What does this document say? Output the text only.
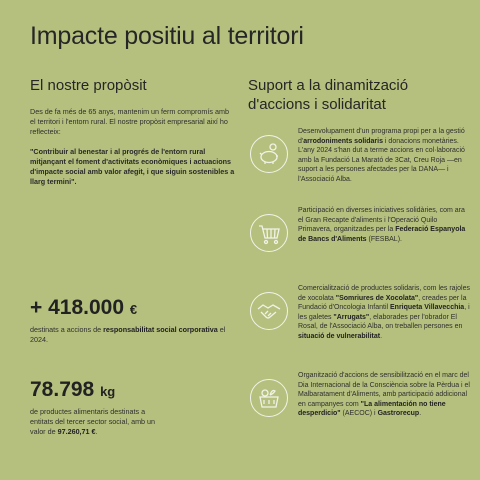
Impacte positiu al territori
El nostre propòsit

Des de fa més de 65 anys, mantenim un ferm compromís amb el territori i l'entorn rural. El nostre propòsit empresarial així ho reflecteix:

"Contribuir al benestar i al progrés de l'entorn rural mitjançant el foment d'activitats econòmiques i actuacions d'impacte social amb valor afegit, i que siguin sostenibles a llarg termini".

+ 418.000 €
destinats a accions de responsabilitat social corporativa el 2024.
78.798 kg
de productes alimentaris destinats a entitats del tercer sector social, amb un valor de 97.260,71 €.
Suport a la dinamització
d'accions i solidaritat
Desenvolupament d'un programa propi per a la gestió d'arrodoniments solidaris i donacions monetàries. L'any 2024 s'han dut a terme accions en col·laboració amb la Fundació La Marató de 3Cat, Creu Roja —en suport a les persones afectades per la DANA— i l'Associació Alba.
Participació en diverses iniciatives solidàries, com ara el Gran Recapte d'aliments i l'Operació Quilo Primavera, organitzades per la Federació Espanyola de Bancs d'Aliments (FESBAL).
Comercialització de productes solidaris, com les rajoles de xocolata "Somriures de Xocolata", creades per la Fundació d'Oncologia Infantil Enriqueta Villavecchia, i les galetes "Arrugats", elaborades per l'obrador El Rosal, de l'Associació Alba, on treballen persones en situació de vulnerabilitat.
Organització d'accions de sensibilització en el marc del Dia Internacional de la Consciència sobre la Pèrdua i el Malbaratament d'Aliments, amb participació addicional en campanyes com "La alimentación no tiene desperdicio" (AECOC) i Gastrorecup.
